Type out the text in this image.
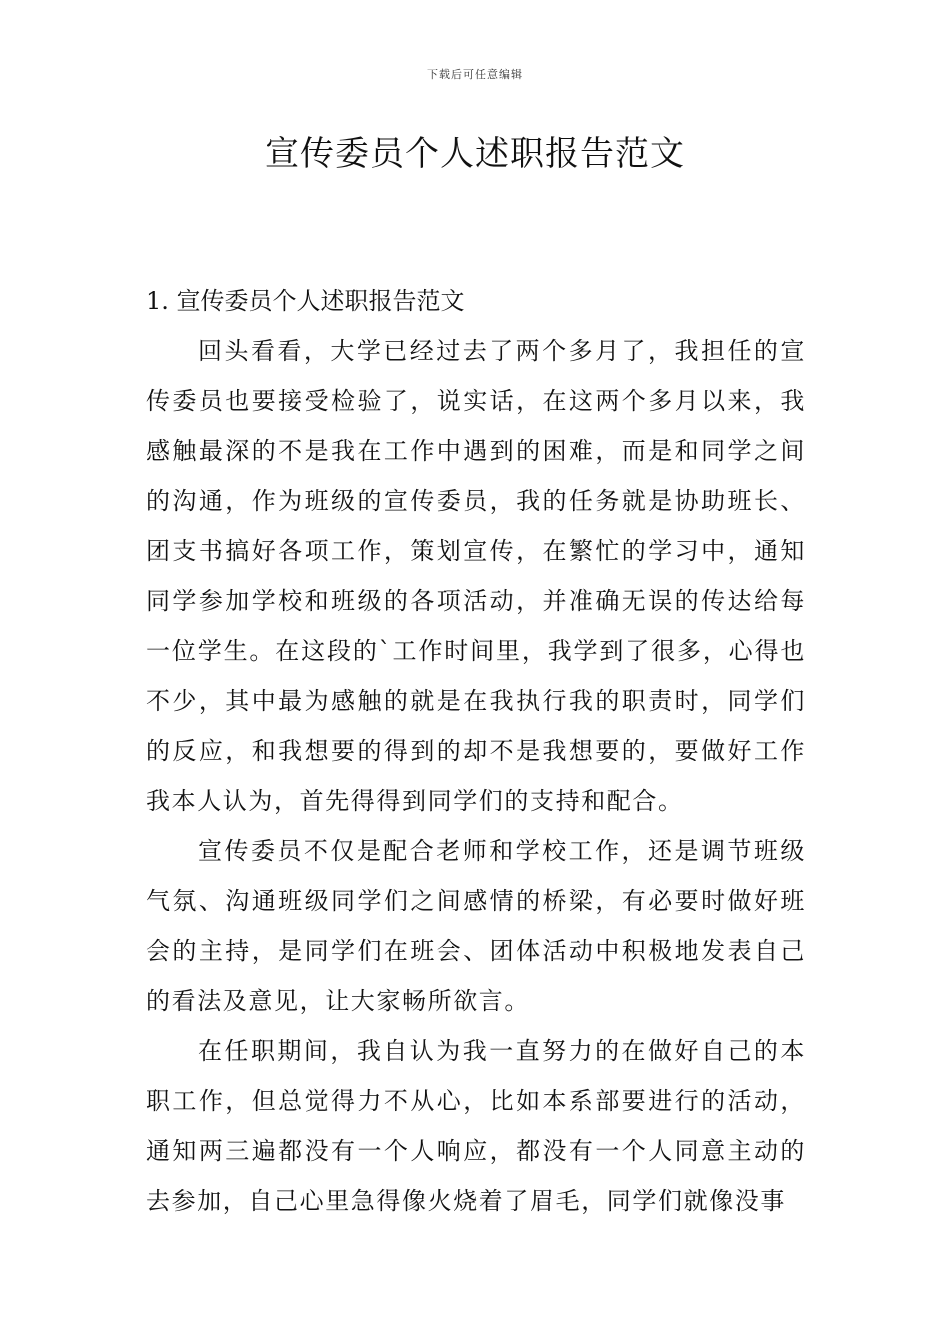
下载后可任意编辑
宣传委员个人述职报告范文

1. 宣传委员个人述职报告范文

回头看看，大学已经过去了两个多月了，我担任的宣传委员也要接受检验了，说实话，在这两个多月以来，我感触最深的不是我在工作中遇到的困难，而是和同学之间的沟通，作为班级的宣传委员，我的任务就是协助班长、团支书搞好各项工作，策划宣传，在繁忙的学习中，通知同学参加学校和班级的各项活动，并准确无误的传达给每一位学生。在这段的`工作时间里，我学到了很多，心得也不少，其中最为感触的就是在我执行我的职责时，同学们的反应，和我想要的得到的却不是我想要的，要做好工作我本人认为，首先得得到同学们的支持和配合。

宣传委员不仅是配合老师和学校工作，还是调节班级气氛、沟通班级同学们之间感情的桥梁，有必要时做好班会的主持，是同学们在班会、团体活动中积极地发表自己的看法及意见，让大家畅所欲言。

在任职期间，我自认为我一直努力的在做好自己的本职工作，但总觉得力不从心，比如本系部要进行的活动，通知两三遍都没有一个人响应，都没有一个人同意主动的去参加，自己心里急得像火烧着了眉毛，同学们就像没事
